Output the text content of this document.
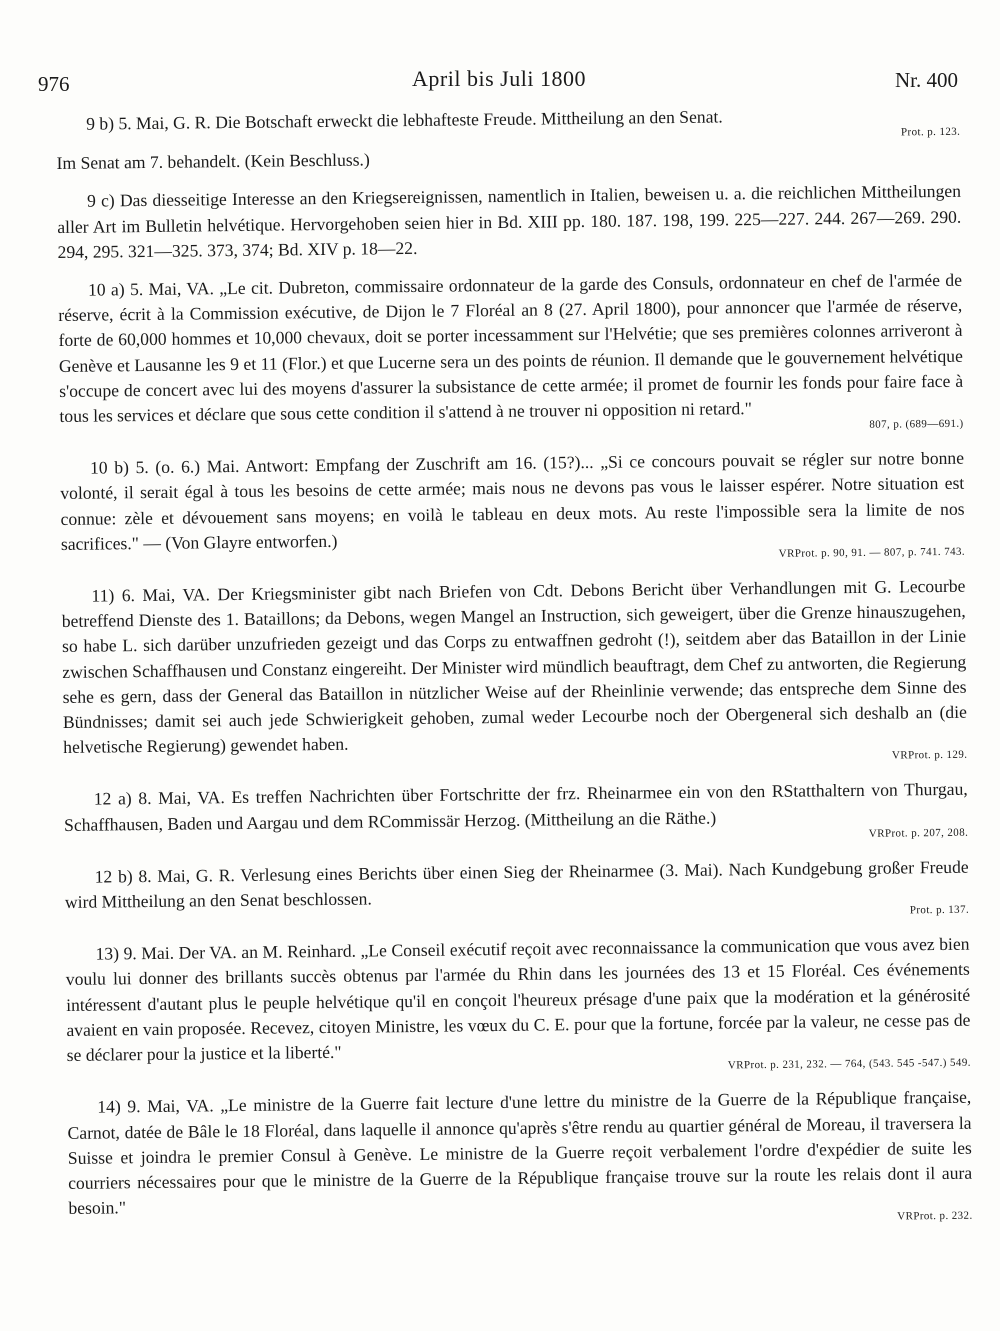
976	April bis Juli 1800	Nr. 400
9 b) 5. Mai, G. R. Die Botschaft erweckt die lebhafteste Freude. Mittheilung an den Senat.	Prot. p. 123.
Im Senat am 7. behandelt. (Kein Beschluss.)
9 c) Das diesseitige Interesse an den Kriegsereignissen, namentlich in Italien, beweisen u. a. die reichlichen Mittheilungen aller Art im Bulletin helvétique. Hervorgehoben seien hier in Bd. XIII pp. 180. 187. 198, 199. 225—227. 244. 267—269. 290. 294, 295. 321—325. 373, 374; Bd. XIV p. 18—22.
10 a) 5. Mai, VA. „Le cit. Dubreton, commissaire ordonnateur de la garde des Consuls, ordonnateur en chef de l'armée de réserve, écrit à la Commission exécutive, de Dijon le 7 Floréal an 8 (27. April 1800), pour annoncer que l'armée de réserve, forte de 60,000 hommes et 10,000 chevaux, doit se porter incessamment sur l'Helvétie; que ses premières colonnes arriveront à Genève et Lausanne les 9 et 11 (Flor.) et que Lucerne sera un des points de réunion. Il demande que le gouvernement helvétique s'occupe de concert avec lui des moyens d'assurer la subsistance de cette armée; il promet de fournir les fonds pour faire face à tous les services et déclare que sous cette condition il s'attend à ne trouver ni opposition ni retard."	807, p. (689—691.)
10 b) 5. (o. 6.) Mai. Antwort: Empfang der Zuschrift am 16. (15?)... „Si ce concours pouvait se régler sur notre bonne volonté, il serait égal à tous les besoins de cette armée; mais nous ne devons pas vous le laisser espérer. Notre situation est connue: zèle et dévouement sans moyens; en voilà le tableau en deux mots. Au reste l'impossible sera la limite de nos sacrifices." — (Von Glayre entworfen.)	VRProt. p. 90, 91. — 807, p. 741. 743.
11) 6. Mai, VA. Der Kriegsminister gibt nach Briefen von Cdt. Debons Bericht über Verhandlungen mit G. Lecourbe betreffend Dienste des 1. Bataillons; da Debons, wegen Mangel an Instruction, sich geweigert, über die Grenze hinauszugehen, so habe L. sich darüber unzufrieden gezeigt und das Corps zu entwaffnen gedroht (!), seitdem aber das Bataillon in der Linie zwischen Schaffhausen und Constanz eingereiht. Der Minister wird mündlich beauftragt, dem Chef zu antworten, die Regierung sehe es gern, dass der General das Bataillon in nützlicher Weise auf der Rheinlinie verwende; das entspreche dem Sinne des Bündnisses; damit sei auch jede Schwierigkeit gehoben, zumal weder Lecourbe noch der Obergeneral sich deshalb an (die helvetische Regierung) gewendet haben.	VRProt. p. 129.
12 a) 8. Mai, VA. Es treffen Nachrichten über Fortschritte der frz. Rheinarmee ein von den RStatthaltern von Thurgau, Schaffhausen, Baden und Aargau und dem RCommissär Herzog. (Mittheilung an die Räthe.)	VRProt. p. 207, 208.
12 b) 8. Mai, G. R. Verlesung eines Berichts über einen Sieg der Rheinarmee (3. Mai). Nach Kundgebung großer Freude wird Mittheilung an den Senat beschlossen.	Prot. p. 137.
13) 9. Mai. Der VA. an M. Reinhard. „Le Conseil exécutif reçoit avec reconnaissance la communication que vous avez bien voulu lui donner des brillants succès obtenus par l'armée du Rhin dans les journées des 13 et 15 Floréal. Ces événements intéressent d'autant plus le peuple helvétique qu'il en conçoit l'heureux présage d'une paix que la modération et la générosité avaient en vain proposée. Recevez, citoyen Ministre, les vœux du C. E. pour que la fortune, forcée par la valeur, ne cesse pas de se déclarer pour la justice et la liberté."	VRProt. p. 231, 232. — 764, (543. 545 -547.) 549.
14) 9. Mai, VA. „Le ministre de la Guerre fait lecture d'une lettre du ministre de la Guerre de la République française, Carnot, datée de Bâle le 18 Floréal, dans laquelle il annonce qu'après s'être rendu au quartier général de Moreau, il traversera la Suisse et joindra le premier Consul à Genève. Le ministre de la Guerre reçoit verbalement l'ordre d'expédier de suite les courriers nécessaires pour que le ministre de la Guerre de la République française trouve sur la route les relais dont il aura besoin."	VRProt. p. 232.
